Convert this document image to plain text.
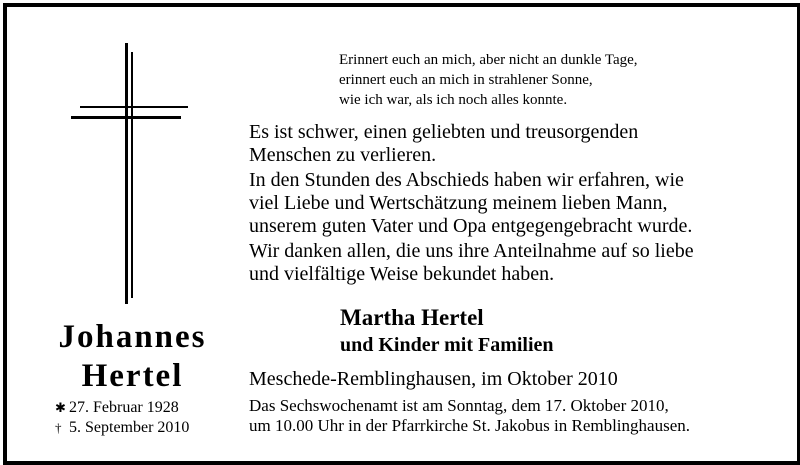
Erinnert euch an mich, aber nicht an dunkle Tage,
erinnert euch an mich in strahlener Sonne,
wie ich war, als ich noch alles konnte.

Es ist schwer, einen geliebten und treusorgenden
Menschen zu verlieren.

In den Stunden des Abschieds haben wir erfahren, wie
viel Liebe und Wertschätzung meinem lieben Mann,
unserem guten Vater und Opa entgegengebracht wurde.

Wir danken allen, die uns ihre Anteilnahme auf so liebe
und vielfältige Weise bekundet haben.

Martha Hertel
und Kinder mit Familien
Meschede-Remblinghausen, im Oktober 2010
Das Sechswochenamt ist am Sonntag, dem 17. Oktober 2010,
um 10.00 Uhr in der Pfarrkirche St. Jakobus in Remblinghausen.
Johannes
Hertel
✱ 27. Februar 1928
† 5. September 2010
